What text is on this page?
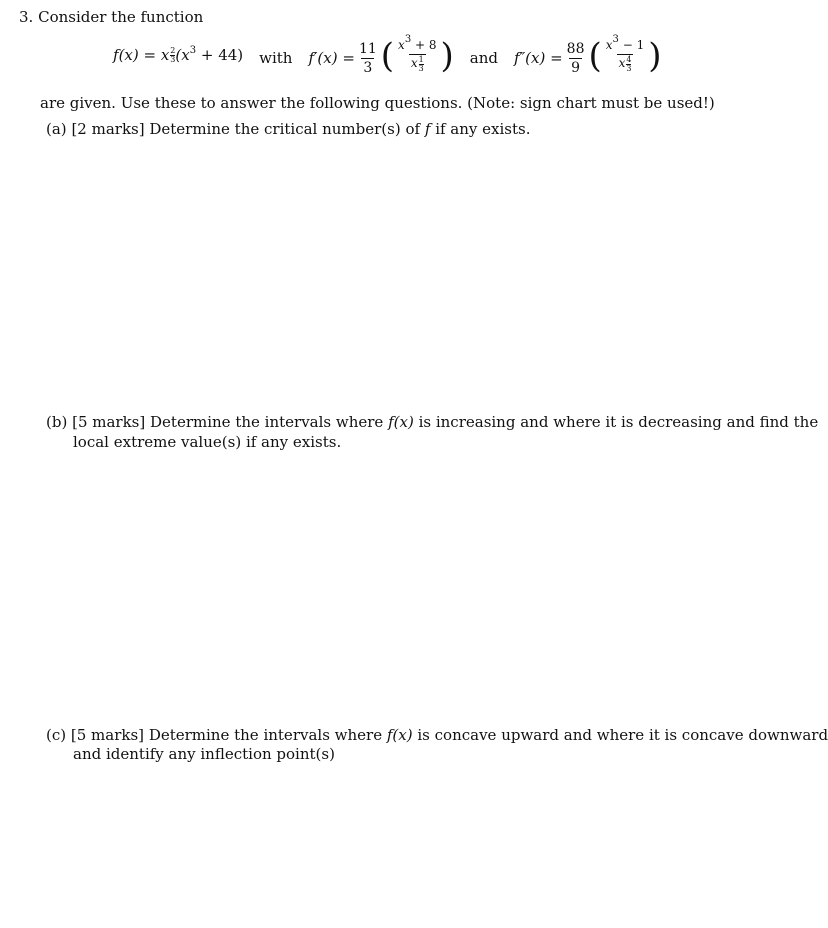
3. Consider the function
f(x) = x $\frac{2}{3} (x^3 + 44)$ with $f'(x) = \frac{11}{3}$ ( $\frac{x^3 + 8}{x \frac{1}{3}}$ ) and $f''(x) = \frac{88}{9}$ ( $\frac{x^3 - 1}{x \frac{4}{3}}$ )
are given. Use these to answer the following questions. (Note: sign chart must be used!)
(a) [2 marks] Determine the critical number(s) of f if any exists.
(b) [5 marks] Determine the intervals where f(x) is increasing and where it is decreasing and find the
local extreme value(s) if any exists.
(c) [5 marks] Determine the intervals where f(x) is concave upward and where it is concave downward
and identify any inflection point(s)
